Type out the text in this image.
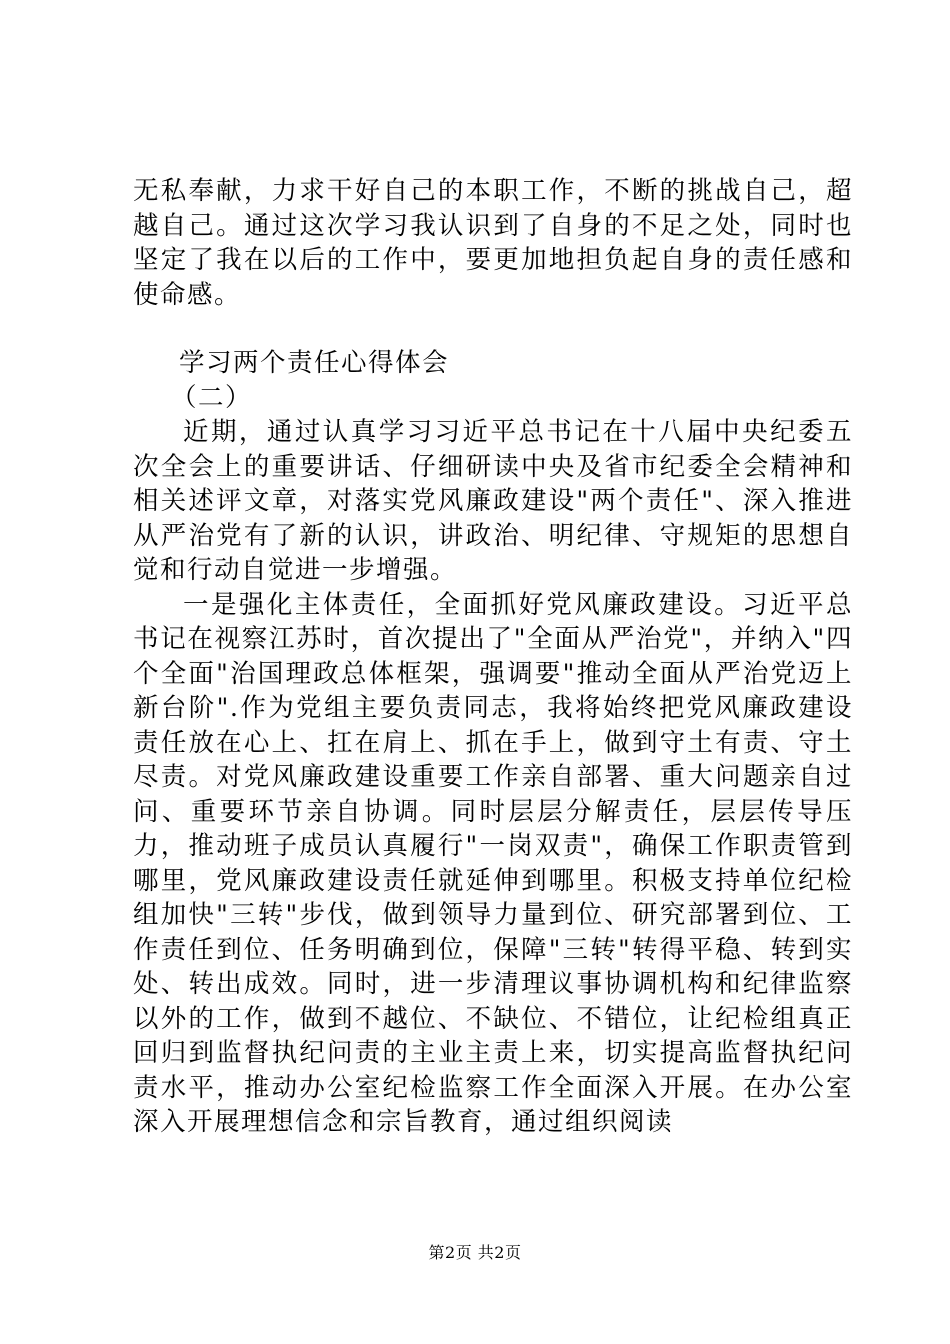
无私奉献，力求干好自己的本职工作，不断的挑战自己，超越自己。通过这次学习我认识到了自身的不足之处，同时也坚定了我在以后的工作中，要更加地担负起自身的责任感和使命感。

学习两个责任心得体会

（二）

近期，通过认真学习习近平总书记在十八届中央纪委五次全会上的重要讲话、仔细研读中央及省市纪委全会精神和相关述评文章，对落实党风廉政建设"两个责任"、深入推进从严治党有了新的认识，讲政治、明纪律、守规矩的思想自觉和行动自觉进一步增强。

一是强化主体责任，全面抓好党风廉政建设。习近平总书记在视察江苏时，首次提出了"全面从严治党"，并纳入"四个全面"治国理政总体框架，强调要"推动全面从严治党迈上新台阶".作为党组主要负责同志，我将始终把党风廉政建设责任放在心上、扛在肩上、抓在手上，做到守土有责、守土尽责。对党风廉政建设重要工作亲自部署、重大问题亲自过问、重要环节亲自协调。同时层层分解责任，层层传导压力，推动班子成员认真履行"一岗双责"，确保工作职责管到哪里，党风廉政建设责任就延伸到哪里。积极支持单位纪检组加快"三转"步伐，做到领导力量到位、研究部署到位、工作责任到位、任务明确到位，保障"三转"转得平稳、转到实处、转出成效。同时，进一步清理议事协调机构和纪律监察以外的工作，做到不越位、不缺位、不错位，让纪检组真正回归到监督执纪问责的主业主责上来，切实提高监督执纪问责水平，推动办公室纪检监察工作全面深入开展。在办公室深入开展理想信念和宗旨教育，通过组织阅读

第2页 共2页
